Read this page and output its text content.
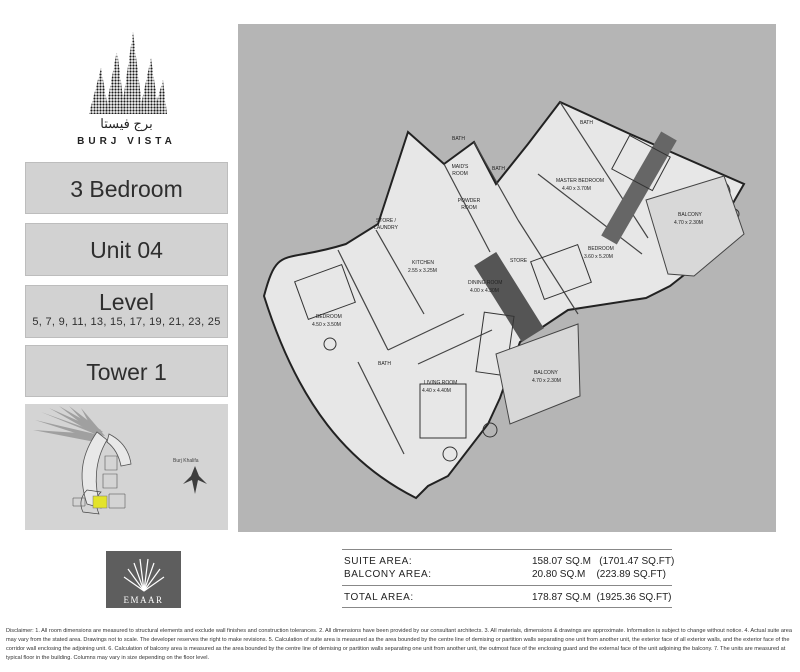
برج فيستا
BURJ VISTA
3 Bedroom
Unit 04
Level
5, 7, 9, 11, 13, 15, 17, 19, 21, 23, 25
Tower 1
Burj Khalifa
BATH
BATH
BATH
BATH
MAID'S ROOM
POWDER ROOM
MASTER BEDROOM
4.40 x 3.70M
BALCONY
4.70 x 2.30M
STORE / LAUNDRY
KITCHEN
2.55 x 3.25M
STORE
BEDROOM
3.60 x 5.20M
DINING ROOM
4.00 x 4.30M
BEDROOM
4.50 x 3.50M
BALCONY
4.70 x 2.30M
LIVING ROOM
4.40 x 4.40M
EMAAR
SUITE AREA:	158.07 SQ.M   (1701.47 SQ.FT)
BALCONY AREA:	20.80 SQ.M    (223.89 SQ.FT)
TOTAL AREA:	178.87 SQ.M  (1925.36 SQ.FT)
Disclaimer: 1. All room dimensions are measured to structural elements and exclude wall finishes and construction tolerances. 2. All dimensions have been provided by our consultant architects. 3. All materials, dimensions & drawings are approximate. Information is subject to change without notice. 4. Actual suite area may vary from the stated area. Drawings not to scale. The developer reserves the right to make revisions. 5. Calculation of suite area is measured as the area bounded by the centre line of demising or partition walls separating one unit from another unit, the exterior face of all exterior walls, and the exterior face of the corridor wall enclosing the adjoining unit. 6. Calculation of balcony area is measured as the area bounded by the centre line of demising or partition walls separating one unit from another unit, the outmost face of the enclosing guard and the external face of the unit adjoining the balcony. 7. The units are measured at typical floor in the building. Columns may vary in size depending on the floor level.
